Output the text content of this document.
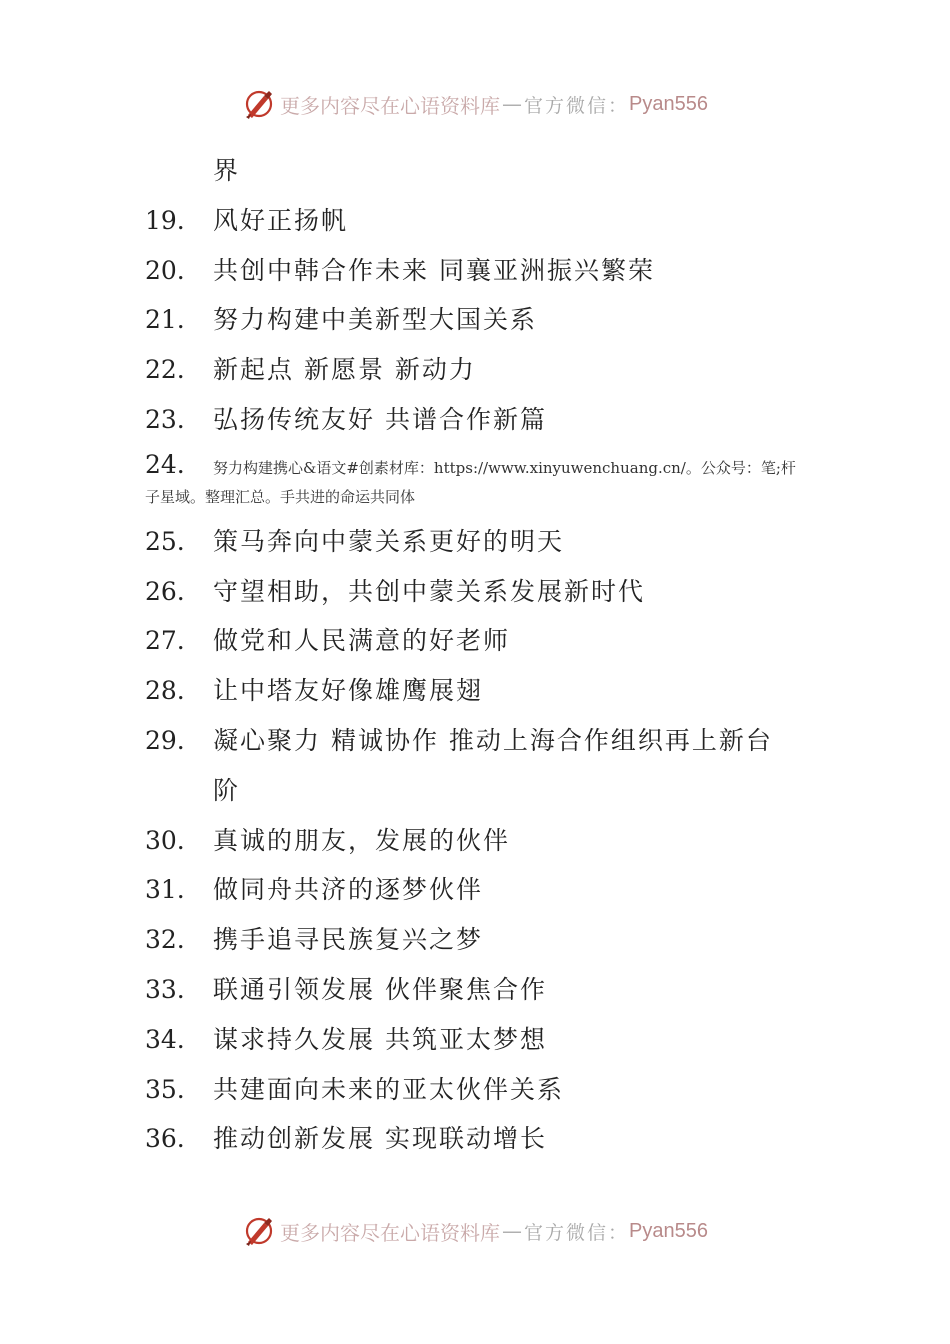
更多内容尽在心语资料库 — 官方微信： Pyan556
界
19. 风好正扬帆
20. 共创中韩合作未来 同襄亚洲振兴繁荣
21. 努力构建中美新型大国关系
22. 新起点 新愿景 新动力
23. 弘扬传统友好 共谱合作新篇
24. 努力构建携心&语文#创素材库：https://www.xinyuwenchuang.cn/。公众号：笔;杆
子星域。整理汇总。手共进的命运共同体
25. 策马奔向中蒙关系更好的明天
26. 守望相助，共创中蒙关系发展新时代
27. 做党和人民满意的好老师
28. 让中塔友好像雄鹰展翅
29. 凝心聚力 精诚协作 推动上海合作组织再上新台
阶
30. 真诚的朋友，发展的伙伴
31. 做同舟共济的逐梦伙伴
32. 携手追寻民族复兴之梦
33. 联通引领发展 伙伴聚焦合作
34. 谋求持久发展 共筑亚太梦想
35. 共建面向未来的亚太伙伴关系
36. 推动创新发展 实现联动增长
更多内容尽在心语资料库 — 官方微信： Pyan556
